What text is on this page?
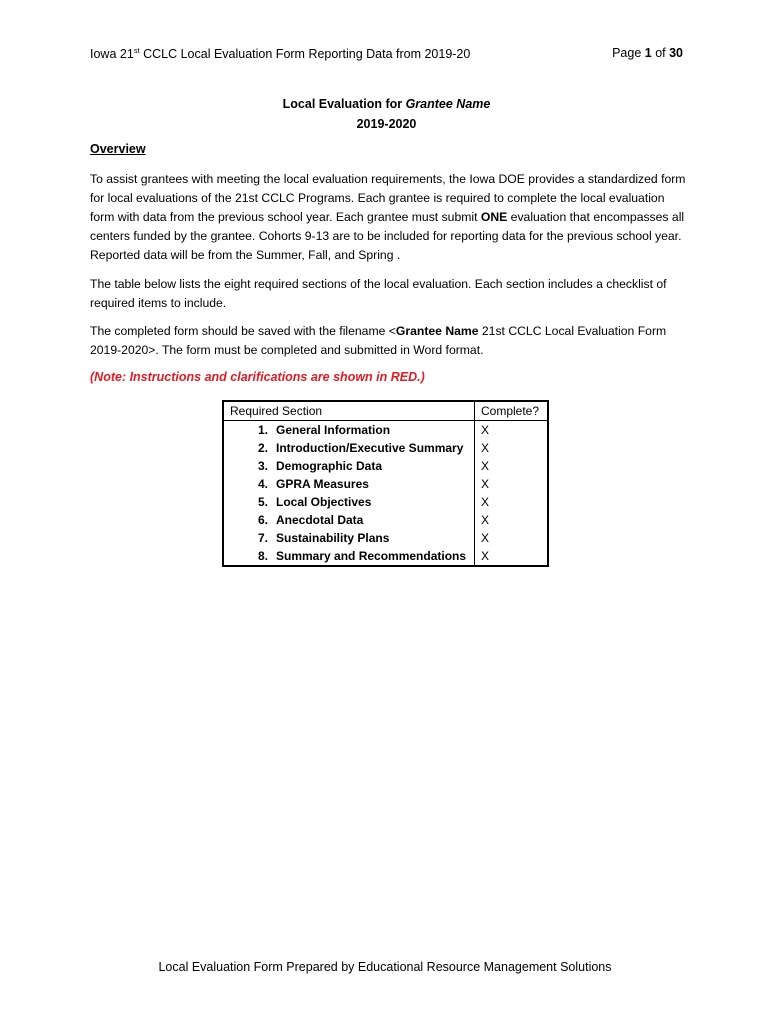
Iowa 21st CCLC Local Evaluation Form Reporting Data from 2019-20	Page 1 of 30
Local Evaluation for Grantee Name
2019-2020
Overview
To assist grantees with meeting the local evaluation requirements, the Iowa DOE provides a standardized form for local evaluations of the 21st CCLC Programs. Each grantee is required to complete the local evaluation form with data from the previous school year. Each grantee must submit ONE evaluation that encompasses all centers funded by the grantee. Cohorts 9-13 are to be included for reporting data for the previous school year. Reported data will be from the Summer, Fall, and Spring .
The table below lists the eight required sections of the local evaluation. Each section includes a checklist of required items to include.
The completed form should be saved with the filename <Grantee Name 21st CCLC Local Evaluation Form 2019-2020>. The form must be completed and submitted in Word format.
(Note: Instructions and clarifications are shown in RED.)
Required Section	Complete?
1. General Information	X
2. Introduction/Executive Summary	X
3. Demographic Data	X
4. GPRA Measures	X
5. Local Objectives	X
6. Anecdotal Data	X
7. Sustainability Plans	X
8. Summary and Recommendations	X
Local Evaluation Form Prepared by Educational Resource Management Solutions
